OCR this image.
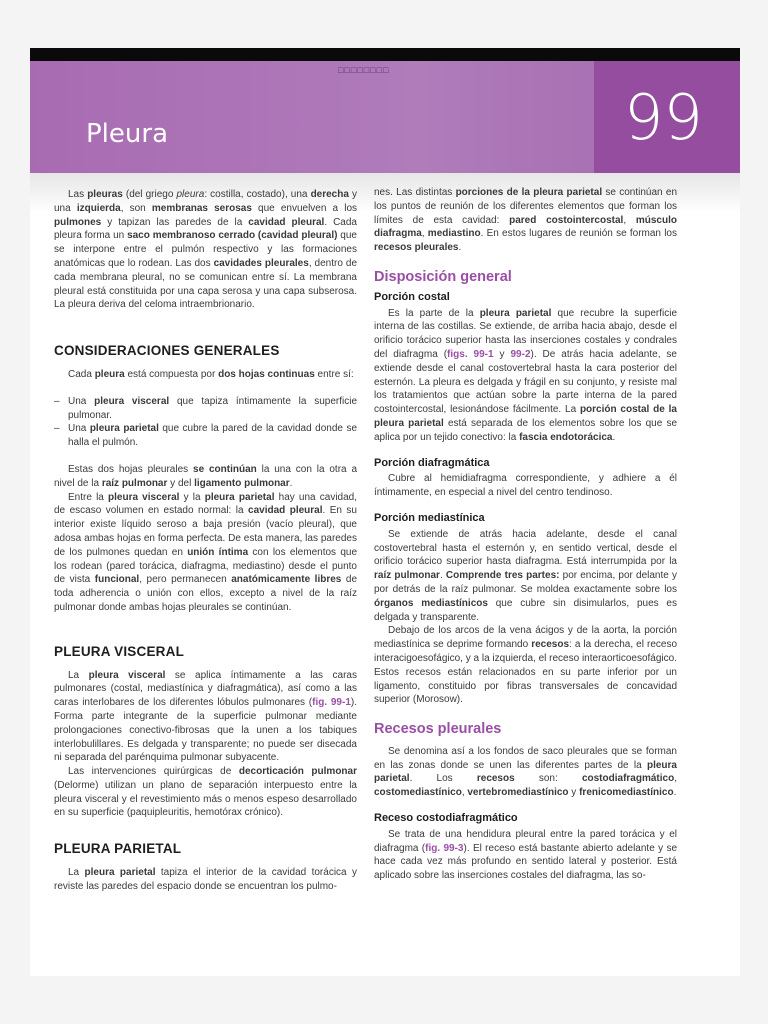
□□□□□□□□
Pleura	99

Las pleuras (del griego pleura: costilla, costado), una derecha y una izquierda, son membranas serosas que envuelven a los pulmones y tapizan las paredes de la cavidad pleural. Cada pleura forma un saco membranoso cerrado (cavidad pleural) que se interpone entre el pulmón respectivo y las formaciones anatómicas que lo rodean. Las dos cavidades pleurales, dentro de cada membrana pleural, no se comunican entre sí. La membrana pleural está constituida por una capa serosa y una capa subserosa. La pleura deriva del celoma intraembrionario.

CONSIDERACIONES GENERALES

Cada pleura está compuesta por dos hojas continuas entre sí:

– Una pleura visceral que tapiza íntimamente la superficie pulmonar.
– Una pleura parietal que cubre la pared de la cavidad donde se halla el pulmón.

Estas dos hojas pleurales se continúan la una con la otra a nivel de la raíz pulmonar y del ligamento pulmonar.

Entre la pleura visceral y la pleura parietal hay una cavidad, de escaso volumen en estado normal: la cavidad pleural. En su interior existe líquido seroso a baja presión (vacío pleural), que adosa ambas hojas en forma perfecta. De esta manera, las paredes de los pulmones quedan en unión íntima con los elementos que los rodean (pared torácica, diafragma, mediastino) desde el punto de vista funcional, pero permanecen anatómicamente libres de toda adherencia o unión con ellos, excepto a nivel de la raíz pulmonar donde ambas hojas pleurales se continúan.

PLEURA VISCERAL

La pleura visceral se aplica íntimamente a las caras pulmonares (costal, mediastínica y diafragmática), así como a las caras interlobares de los diferentes lóbulos pulmonares (fig. 99-1). Forma parte integrante de la superficie pulmonar mediante prolongaciones conectivo-fibrosas que la unen a los tabiques interlobulillares. Es delgada y transparente; no puede ser disecada ni separada del parénquima pulmonar subyacente.

Las intervenciones quirúrgicas de decorticación pulmonar (Delorme) utilizan un plano de separación interpuesto entre la pleura visceral y el revestimiento más o menos espeso desarrollado en su superficie (paquipleuritis, hemotórax crónico).

PLEURA PARIETAL

La pleura parietal tapiza el interior de la cavidad torácica y reviste las paredes del espacio donde se encuentran los pulmo-

nes. Las distintas porciones de la pleura parietal se continúan en los puntos de reunión de los diferentes elementos que forman los límites de esta cavidad: pared costointercostal, músculo diafragma, mediastino. En estos lugares de reunión se forman los recesos pleurales.

Disposición general
Porción costal

Es la parte de la pleura parietal que recubre la superficie interna de las costillas. Se extiende, de arriba hacia abajo, desde el orificio torácico superior hasta las inserciones costales y condrales del diafragma (figs. 99-1 y 99-2). De atrás hacia adelante, se extiende desde el canal costovertebral hasta la cara posterior del esternón. La pleura es delgada y frágil en su conjunto, y resiste mal los tratamientos que actúan sobre la parte interna de la pared costointercostal, lesionándose fácilmente. La porción costal de la pleura parietal está separada de los elementos sobre los que se aplica por un tejido conectivo: la fascia endotorácica.

Porción diafragmática

Cubre al hemidiafragma correspondiente, y adhiere a él íntimamente, en especial a nivel del centro tendinoso.

Porción mediastínica

Se extiende de atrás hacia adelante, desde el canal costovertebral hasta el esternón y, en sentido vertical, desde el orificio torácico superior hasta diafragma. Está interrumpida por la raíz pulmonar. Comprende tres partes: por encima, por delante y por detrás de la raíz pulmonar. Se moldea exactamente sobre los órganos mediastínicos que cubre sin disimularlos, pues es delgada y transparente.

Debajo de los arcos de la vena ácigos y de la aorta, la porción mediastínica se deprime formando recesos: a la derecha, el receso interacigoesofágico, y a la izquierda, el receso interaorticoesofágico. Estos recesos están relacionados en su parte inferior por un ligamento, constituido por fibras transversales de concavidad superior (Morosow).

Recesos pleurales

Se denomina así a los fondos de saco pleurales que se forman en las zonas donde se unen las diferentes partes de la pleura parietal. Los recesos son: costodiafragmático, costomediastínico, vertebromediastínico y frenicomediastínico.

Receso costodiafragmático

Se trata de una hendidura pleural entre la pared torácica y el diafragma (fig. 99-3). El receso está bastante abierto adelante y se hace cada vez más profundo en sentido lateral y posterior. Está aplicado sobre las inserciones costales del diafragma, las so-
